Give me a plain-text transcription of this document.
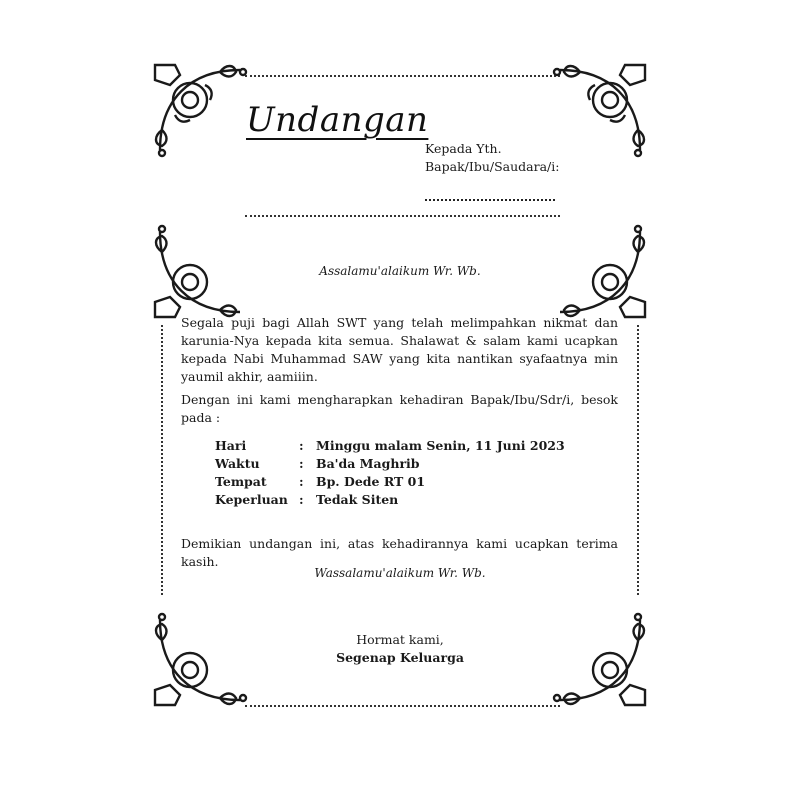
Undangan
Kepada Yth.
Bapak/Ibu/Saudara/i:
Assalamu'alaikum Wr. Wb.
Segala puji bagi Allah SWT yang telah melimpahkan nikmat dan karunia-Nya kepada kita semua. Shalawat & salam kami ucapkan kepada Nabi Muhammad SAW yang kita nantikan syafaatnya min yaumil akhir, aamiiin.
Dengan ini kami mengharapkan kehadiran Bapak/Ibu/Sdr/i, besok pada :
Hari	: Minggu malam Senin, 11 Juni 2023
Waktu	: Ba'da Maghrib
Tempat	: Bp. Dede RT 01
Keperluan : Tedak Siten
Demikian undangan ini, atas kehadirannya kami ucapkan terima kasih.
Wassalamu'alaikum Wr. Wb.
Hormat kami,
Segenap Keluarga
